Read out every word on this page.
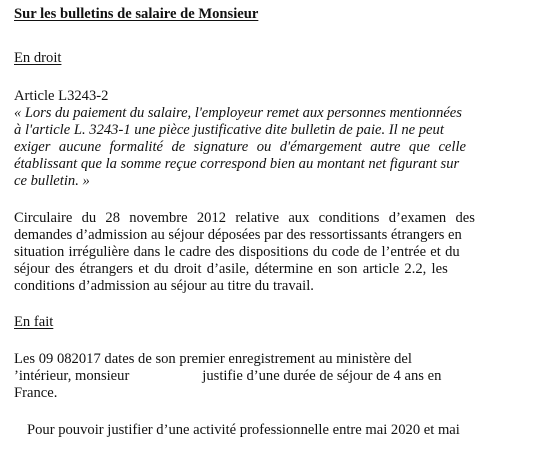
Sur les bulletins de salaire de Monsieur

En droit

Article L3243-2

« Lors du paiement du salaire, l'employeur remet aux personnes mentionnées

à l'article L. 3243-1 une pièce justificative dite bulletin de paie. Il ne peut

exiger aucune formalité de signature ou d'émargement autre que celle

établissant que la somme reçue correspond bien au montant net figurant sur

ce bulletin. »

Circulaire du 28 novembre 2012 relative aux conditions d’examen des

demandes d’admission au séjour déposées par des ressortissants étrangers en

situation irrégulière dans le cadre des dispositions du code de l’entrée et du

séjour des étrangers et du droit d’asile, détermine en son article 2.2, les

conditions d’admission au séjour au titre du travail.

En fait

Les 09 082017 dates de son premier enregistrement au ministère del

’intérieur, monsieur                    justifie d’une durée de séjour de 4 ans en

France.

Pour pouvoir justifier d’une activité professionnelle entre mai 2020 et mai
